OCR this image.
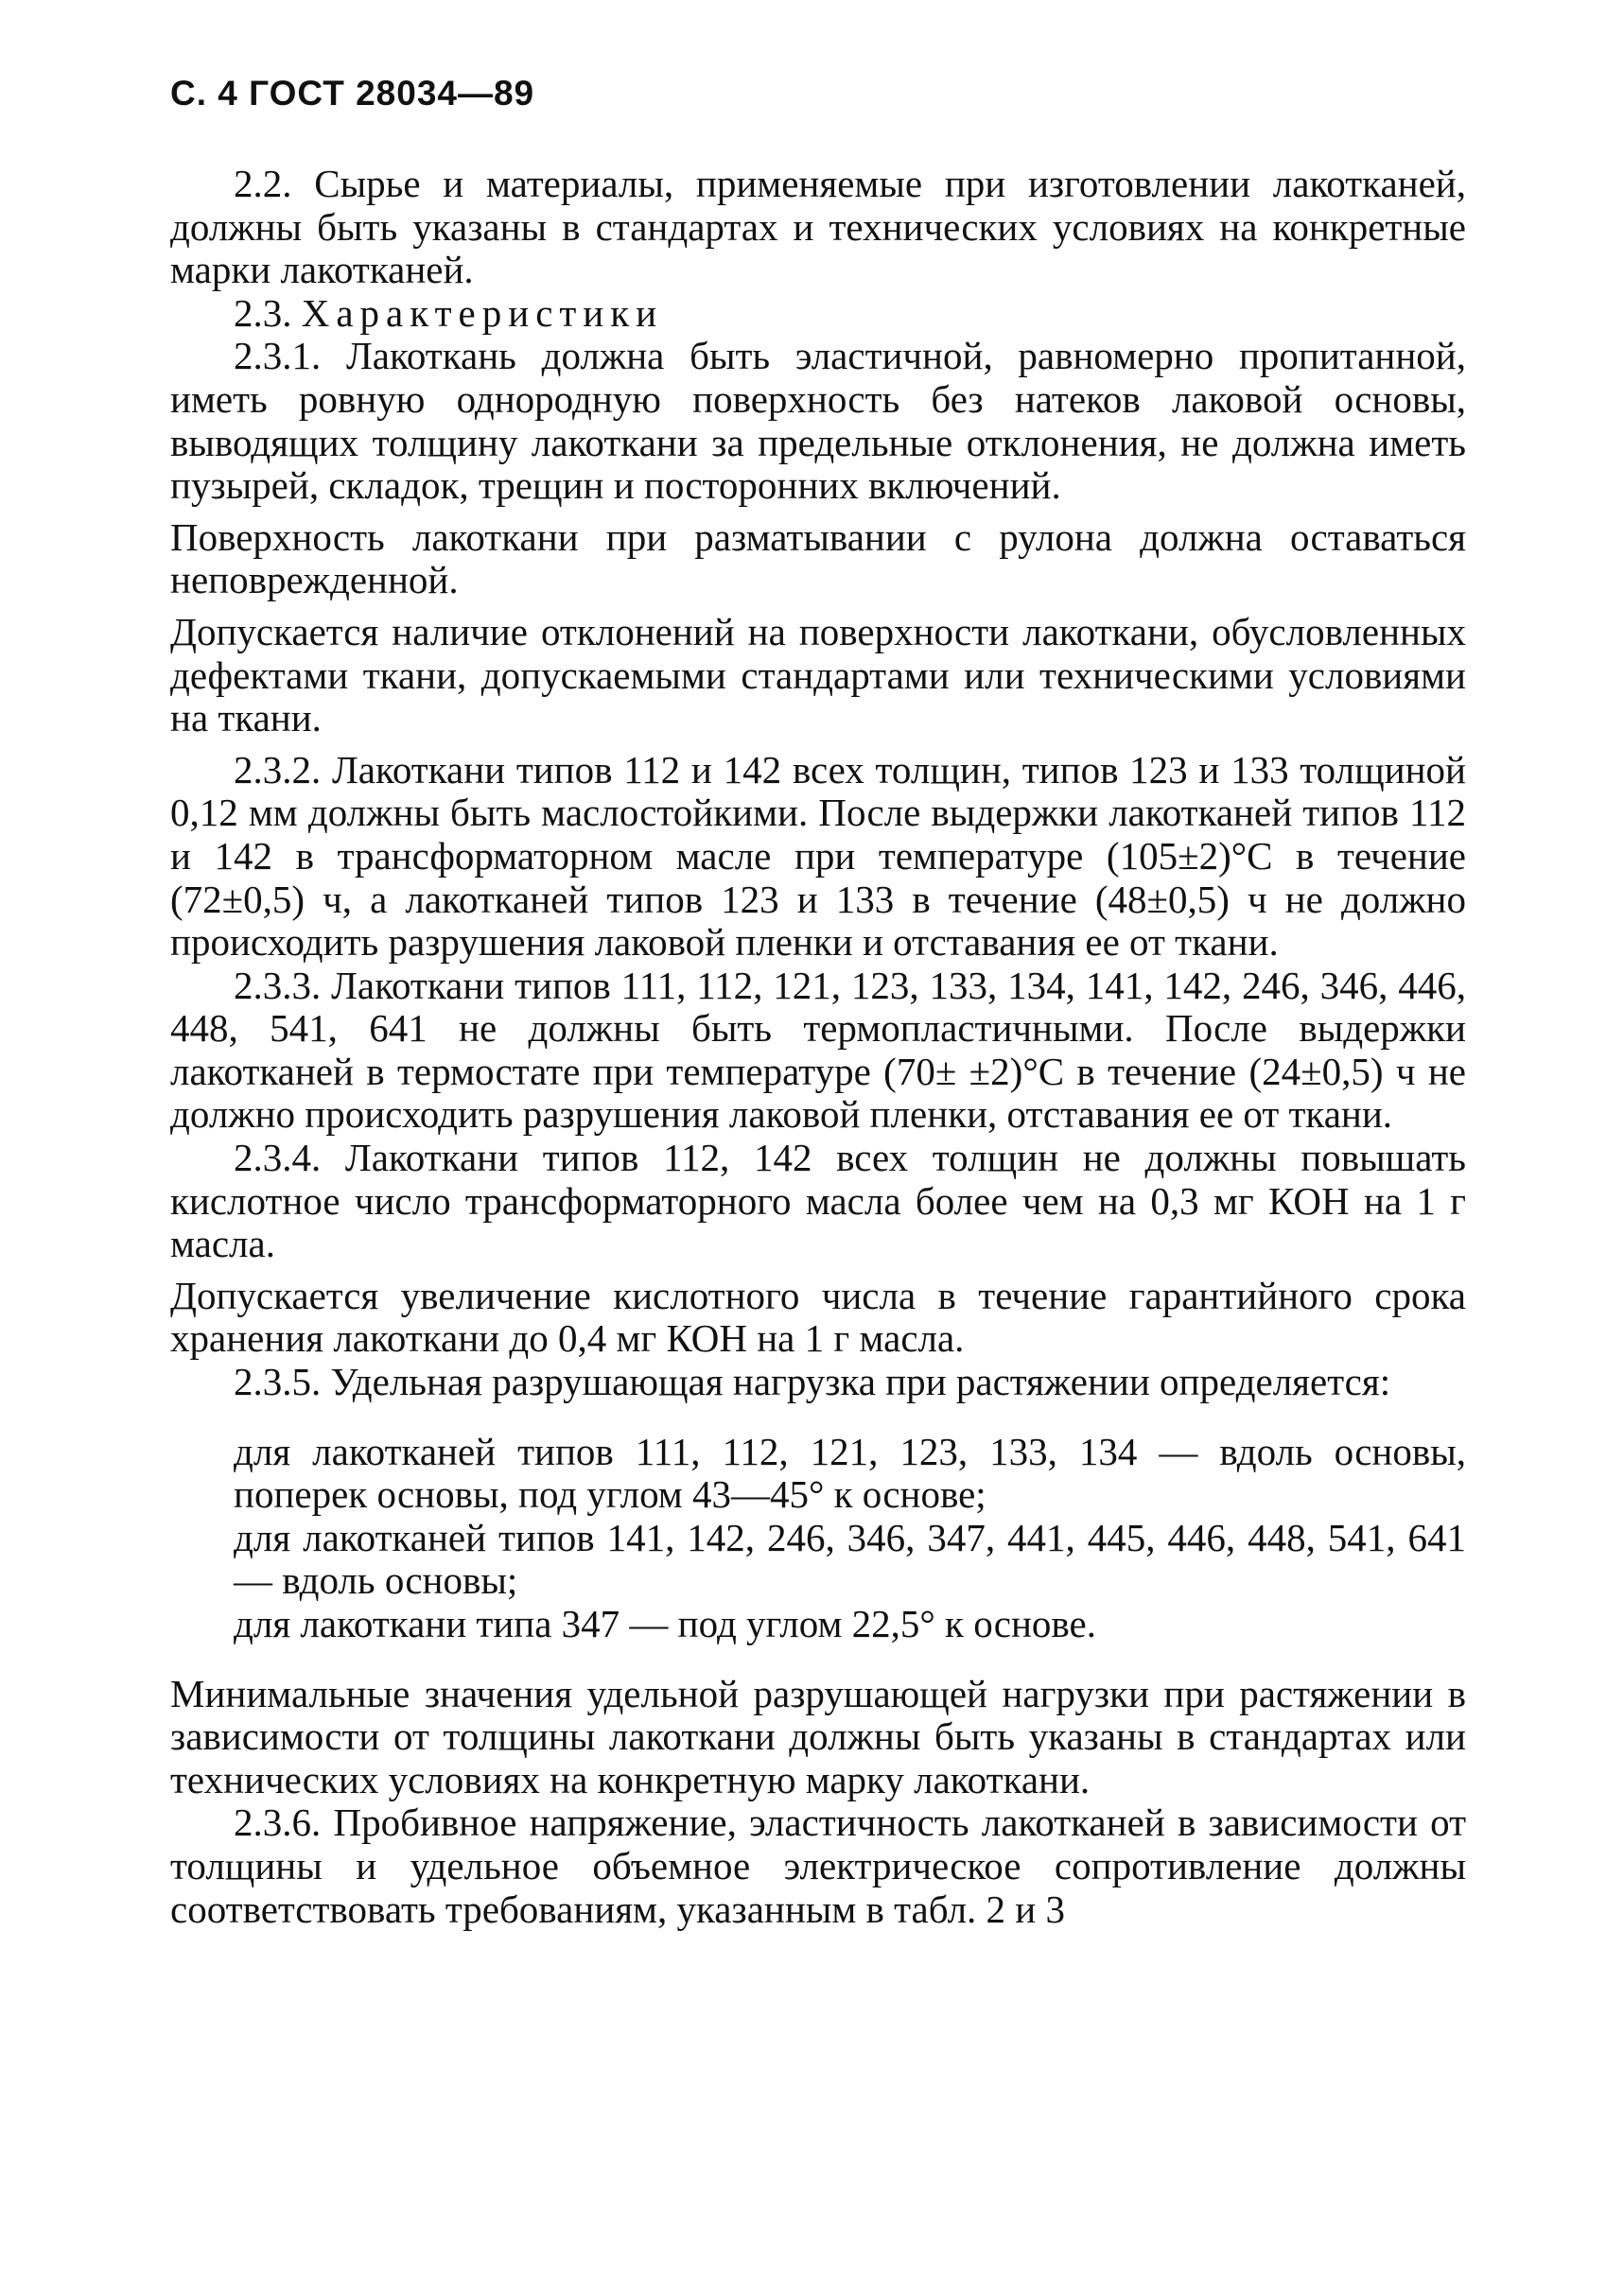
С. 4 ГОСТ 28034—89

2.2. Сырье и материалы, применяемые при изготовлении лакотканей, должны быть указаны в стандартах и технических условиях на конкретные марки лакотканей.

2.3. Характеристики

2.3.1. Лакоткань должна быть эластичной, равномерно пропитанной, иметь ровную однородную поверхность без натеков лаковой основы, выводящих толщину лакоткани за предельные отклонения, не должна иметь пузырей, складок, трещин и посторонних включений.

Поверхность лакоткани при разматывании с рулона должна оставаться неповрежденной.

Допускается наличие отклонений на поверхности лакоткани, обусловленных дефектами ткани, допускаемыми стандартами или техническими условиями на ткани.

2.3.2. Лакоткани типов 112 и 142 всех толщин, типов 123 и 133 толщиной 0,12 мм должны быть маслостойкими. После выдержки лакотканей типов 112 и 142 в трансформаторном масле при температуре (105±2)°С в течение (72±0,5) ч, а лакотканей типов 123 и 133 в течение (48±0,5) ч не должно происходить разрушения лаковой пленки и отставания ее от ткани.

2.3.3. Лакоткани типов 111, 112, 121, 123, 133, 134, 141, 142, 246, 346, 446, 448, 541, 641 не должны быть термопластичными. После выдержки лакотканей в термостате при температуре (70± ±2)°С в течение (24±0,5) ч не должно происходить разрушения лаковой пленки, отставания ее от ткани.

2.3.4. Лакоткани типов 112, 142 всех толщин не должны повышать кислотное число трансформаторного масла более чем на 0,3 мг КОН на 1 г масла.

Допускается увеличение кислотного числа в течение гарантийного срока хранения лакоткани до 0,4 мг КОН на 1 г масла.

2.3.5. Удельная разрушающая нагрузка при растяжении определяется:

для лакотканей типов 111, 112, 121, 123, 133, 134 — вдоль основы, поперек основы, под углом 43—45° к основе;

для лакотканей типов 141, 142, 246, 346, 347, 441, 445, 446, 448, 541, 641 — вдоль основы;

для лакоткани типа 347 — под углом 22,5° к основе.

Минимальные значения удельной разрушающей нагрузки при растяжении в зависимости от толщины лакоткани должны быть указаны в стандартах или технических условиях на конкретную марку лакоткани.

2.3.6. Пробивное напряжение, эластичность лакотканей в зависимости от толщины и удельное объемное электрическое сопротивление должны соответствовать требованиям, указанным в табл. 2 и 3
